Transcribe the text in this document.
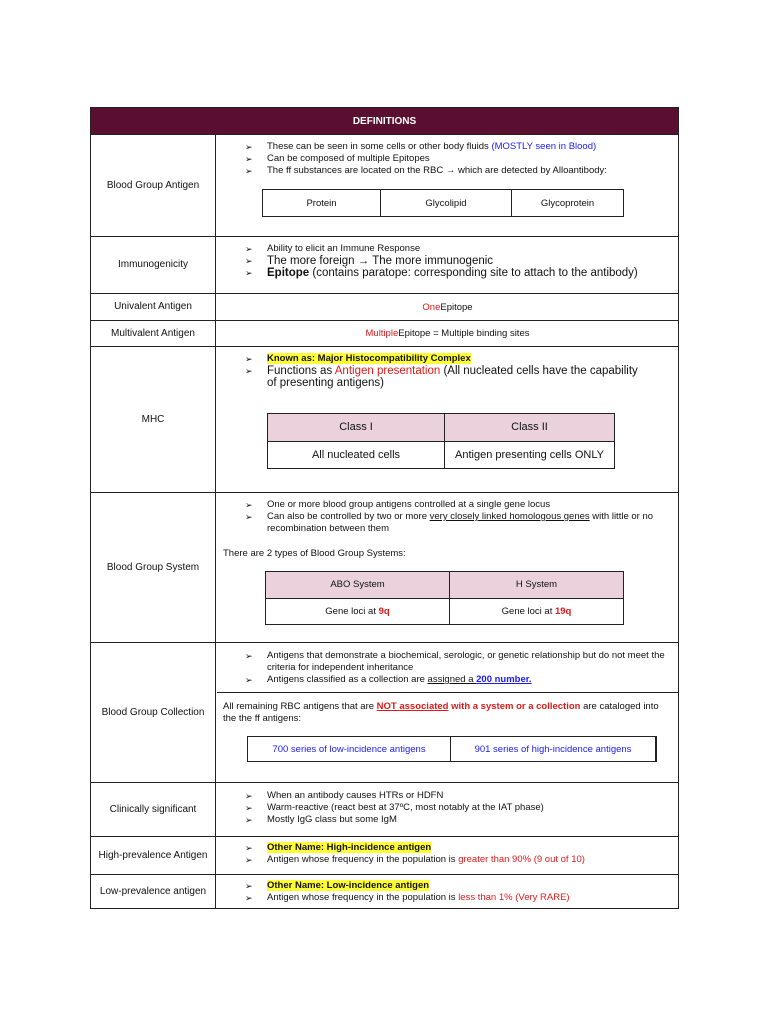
DEFINITIONS
Blood Group Antigen
➢ These can be seen in some cells or other body fluids (MOSTLY seen in Blood)
➢ Can be composed of multiple Epitopes
➢ The ff substances are located on the RBC → which are detected by Alloantibody:
Protein	Glycolipid	Glycoprotein
Immunogenicity
➢ Ability to elicit an Immune Response
➢ The more foreign → The more immunogenic
➢ Epitope (contains paratope: corresponding site to attach to the antibody)
Univalent Antigen	One Epitope
Multivalent Antigen	Multiple Epitope = Multiple binding sites
MHC
➢ Known as: Major Histocompatibility Complex
➢ Functions as Antigen presentation (All nucleated cells have the capability of presenting antigens)
Class I	Class II
All nucleated cells	Antigen presenting cells ONLY
Blood Group System
➢ One or more blood group antigens controlled at a single gene locus
➢ Can also be controlled by two or more very closely linked homologous genes with little or no recombination between them
There are 2 types of Blood Group Systems:
ABO System	H System
Gene loci at 9q	Gene loci at 19q
Blood Group Collection
➢ Antigens that demonstrate a biochemical, serologic, or genetic relationship but do not meet the criteria for independent inheritance
➢ Antigens classified as a collection are assigned a 200 number.
All remaining RBC antigens that are NOT associated with a system or a collection are cataloged into the the ff antigens:
700 series of low-incidence antigens	901 series of high-incidence antigens
Clinically significant
➢ When an antibody causes HTRs or HDFN
➢ Warm-reactive (react best at 37ºC, most notably at the IAT phase)
➢ Mostly IgG class but some IgM
High-prevalence Antigen
➢ Other Name: High-incidence antigen
➢ Antigen whose frequency in the population is greater than 90% (9 out of 10)
Low-prevalence antigen	➢ Other Name: Low-incidence antigen
➢ Antigen whose frequency in the population is less than 1% (Very RARE)
